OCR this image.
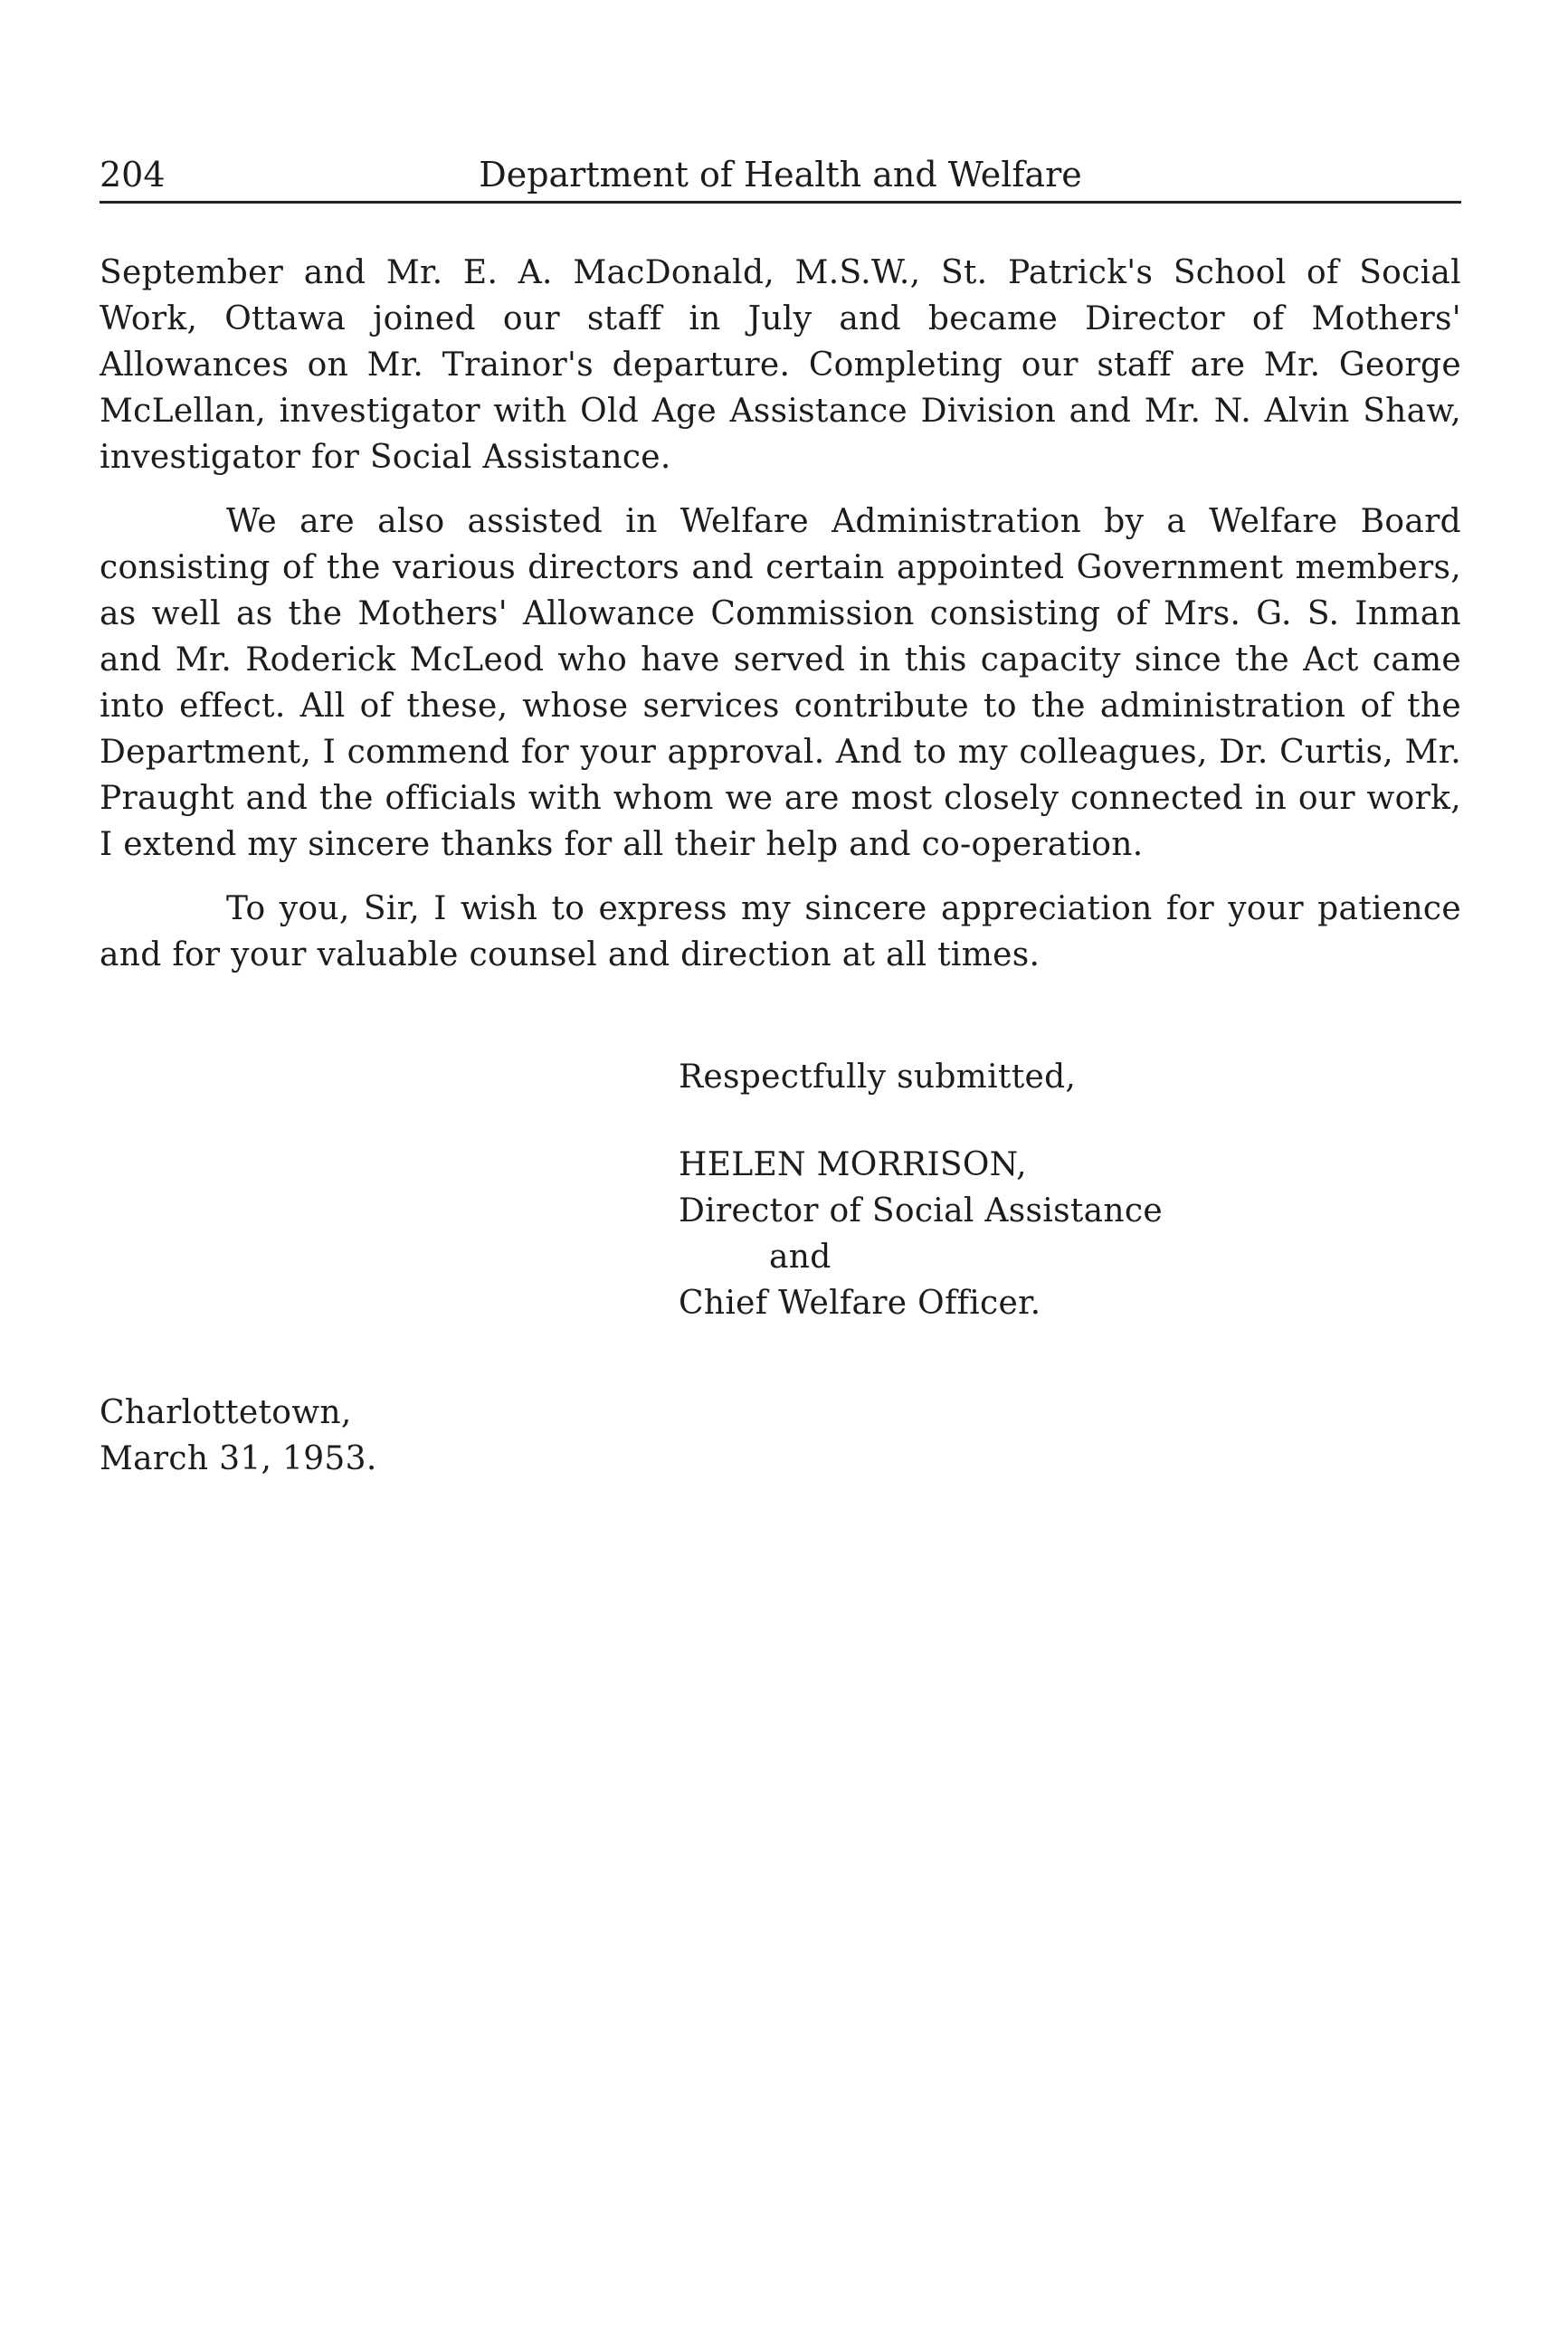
204	Department of Health and Welfare

September and Mr. E. A. MacDonald, M.S.W., St. Patrick's School of Social Work, Ottawa joined our staff in July and became Director of Mothers' Allowances on Mr. Trainor's departure. Completing our staff are Mr. George McLellan, investigator with Old Age Assistance Division and Mr. N. Alvin Shaw, investigator for Social Assistance.

We are also assisted in Welfare Administration by a Welfare Board consisting of the various directors and certain appointed Government members, as well as the Mothers' Allowance Commission consisting of Mrs. G. S. Inman and Mr. Roderick McLeod who have served in this capacity since the Act came into effect. All of these, whose services contribute to the administration of the Department, I commend for your approval. And to my colleagues, Dr. Curtis, Mr. Praught and the officials with whom we are most closely connected in our work, I extend my sincere thanks for all their help and co-operation.

To you, Sir, I wish to express my sincere appreciation for your patience and for your valuable counsel and direction at all times.

Respectfully submitted,
HELEN MORRISON,
Director of Social Assistance
and
Chief Welfare Officer.
Charlottetown,
March 31, 1953.
